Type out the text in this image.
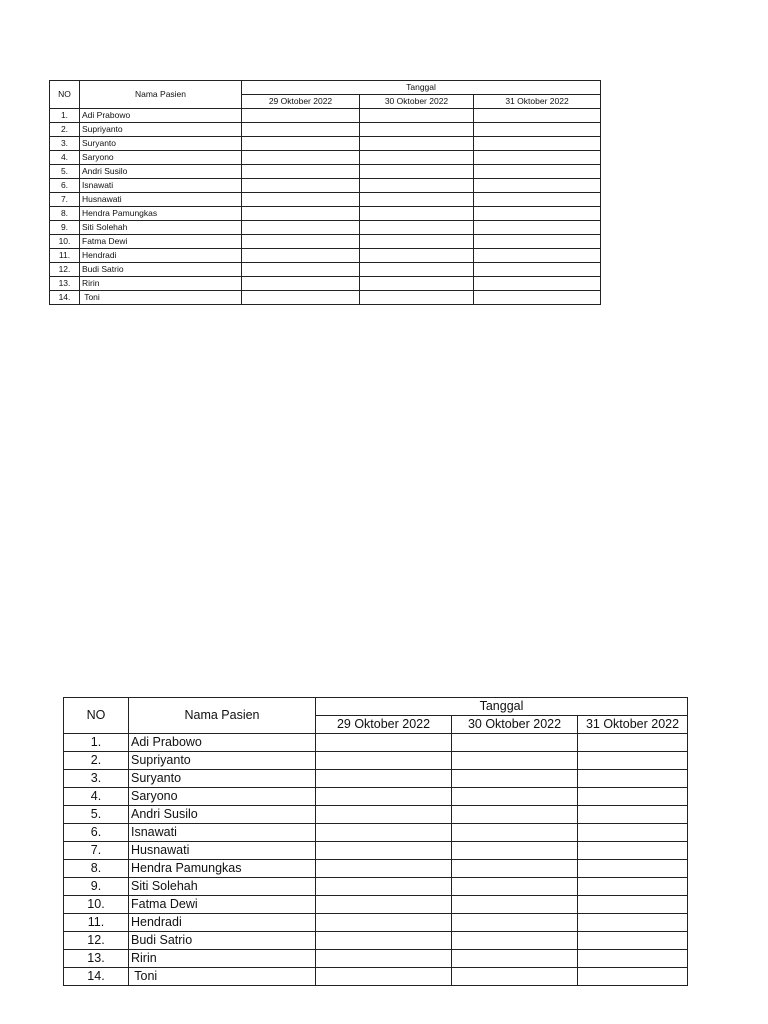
NO	Nama Pasien	Tanggal		
		29 Oktober 2022	30 Oktober 2022	31 Oktober 2022
1.	Adi Prabowo			
2.	Supriyanto			
3.	Suryanto			
4.	Saryono			
5.	Andri Susilo			
6.	Isnawati			
7.	Husnawati			
8.	Hendra Pamungkas			
9.	Siti Solehah			
10.	Fatma Dewi			
11.	Hendradi			
12.	Budi Satrio			
13.	Ririn			
14.	Toni			
NO	Nama Pasien	Tanggal		
		29 Oktober 2022	30 Oktober 2022	31 Oktober 2022
1.	Adi Prabowo			
2.	Supriyanto			
3.	Suryanto			
4.	Saryono			
5.	Andri Susilo			
6.	Isnawati			
7.	Husnawati			
8.	Hendra Pamungkas			
9.	Siti Solehah			
10.	Fatma Dewi			
11.	Hendradi			
12.	Budi Satrio			
13.	Ririn			
14.	Toni			
